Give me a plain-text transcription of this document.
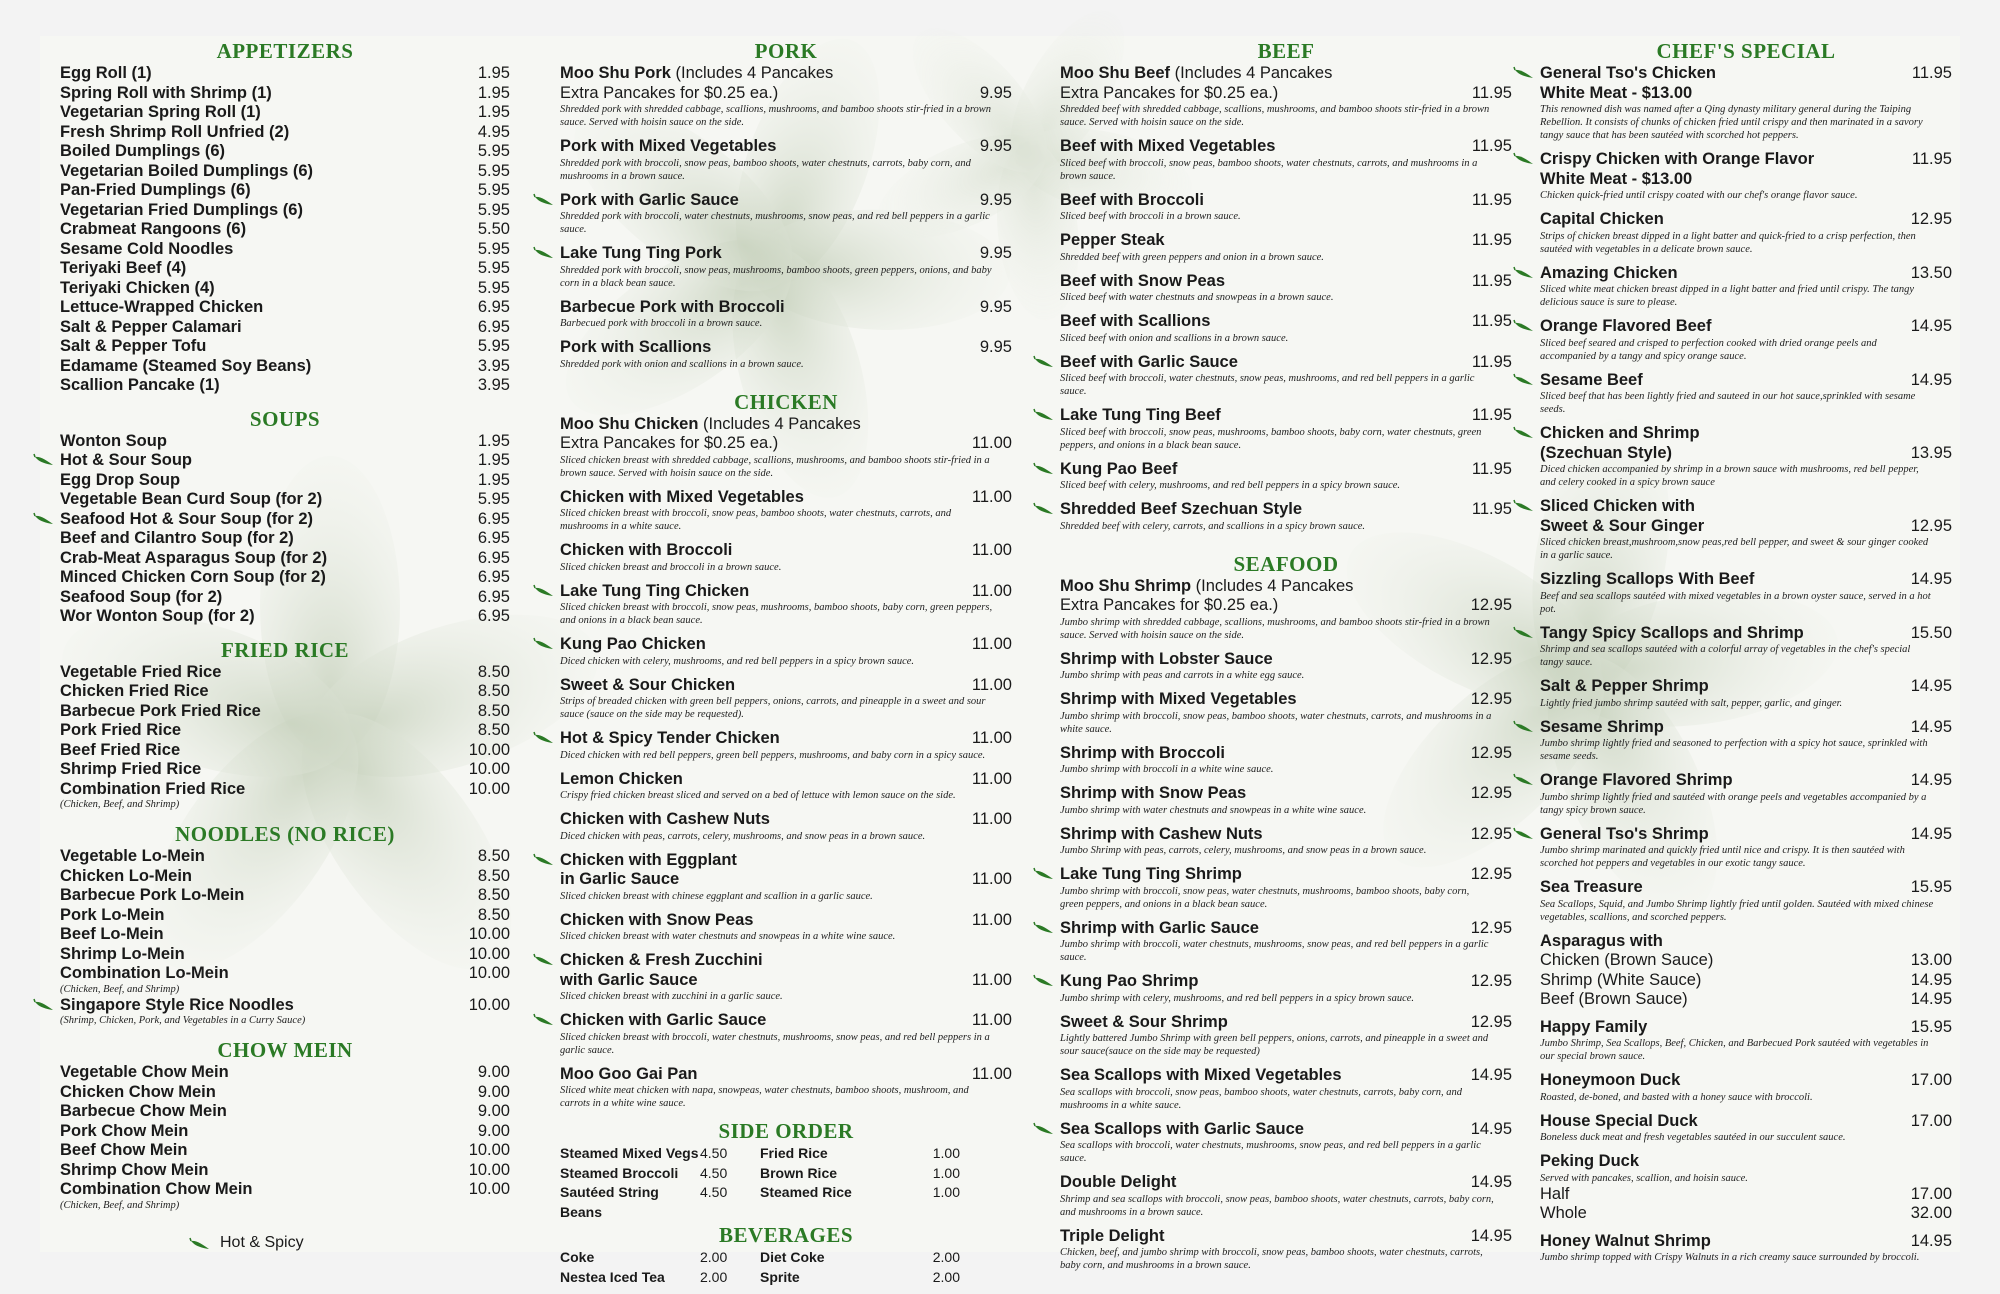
APPETIZERS
Egg Roll (1)	1.95
Spring Roll with Shrimp (1)	1.95
Vegetarian Spring Roll (1)	1.95
Fresh Shrimp Roll Unfried (2)	4.95
Boiled Dumplings (6)	5.95
Vegetarian Boiled Dumplings (6)	5.95
Pan-Fried Dumplings (6)	5.95
Vegetarian Fried Dumplings (6)	5.95
Crabmeat Rangoons (6)	5.50
Sesame Cold Noodles	5.95
Teriyaki Beef (4)	5.95
Teriyaki Chicken (4)	5.95
Lettuce-Wrapped Chicken	6.95
Salt & Pepper Calamari	6.95
Salt & Pepper Tofu	5.95
Edamame (Steamed Soy Beans)	3.95
Scallion Pancake (1)	3.95
SOUPS
Wonton Soup	1.95
Hot & Sour Soup	1.95
Egg Drop Soup	1.95
Vegetable Bean Curd Soup (for 2)	5.95
Seafood Hot & Sour Soup (for 2)	6.95
Beef and Cilantro Soup (for 2)	6.95
Crab-Meat Asparagus Soup (for 2)	6.95
Minced Chicken Corn Soup (for 2)	6.95
Seafood Soup (for 2)	6.95
Wor Wonton Soup (for 2)	6.95
FRIED RICE
Vegetable Fried Rice	8.50
Chicken Fried Rice	8.50
Barbecue Pork Fried Rice	8.50
Pork Fried Rice	8.50
Beef Fried Rice	10.00
Shrimp Fried Rice	10.00
Combination Fried Rice	10.00
(Chicken, Beef, and Shrimp)
NOODLES (NO RICE)
Vegetable Lo-Mein	8.50
Chicken Lo-Mein	8.50
Barbecue Pork Lo-Mein	8.50
Pork Lo-Mein	8.50
Beef Lo-Mein	10.00
Shrimp Lo-Mein	10.00
Combination Lo-Mein	10.00
(Chicken, Beef, and Shrimp)
Singapore Style Rice Noodles	10.00
(Shrimp, Chicken, Pork, and Vegetables in a Curry Sauce)
CHOW MEIN
Vegetable Chow Mein	9.00
Chicken Chow Mein	9.00
Barbecue Chow Mein	9.00
Pork Chow Mein	9.00
Beef Chow Mein	10.00
Shrimp Chow Mein	10.00
Combination Chow Mein	10.00
(Chicken, Beef, and Shrimp)
Hot & Spicy
PORK
Moo Shu Pork (Includes 4 Pancakes
Extra Pancakes for $0.25 ea.)	9.95
Shredded pork with shredded cabbage, scallions, mushrooms, and bamboo shoots stir-fried in a brown sauce. Served with hoisin sauce on the side.
Pork with Mixed Vegetables	9.95
Shredded pork with broccoli, snow peas, bamboo shoots, water chestnuts, carrots, baby corn, and mushrooms in a brown sauce.
Pork with Garlic Sauce	9.95
Shredded pork with broccoli, water chestnuts, mushrooms, snow peas, and red bell peppers in a garlic sauce.
Lake Tung Ting Pork	9.95
Shredded pork with broccoli, snow peas, mushrooms, bamboo shoots, green peppers, onions, and baby corn in a black bean sauce.
Barbecue Pork with Broccoli	9.95
Barbecued pork with broccoli in a brown sauce.
Pork with Scallions	9.95
Shredded pork with onion and scallions in a brown sauce.
CHICKEN
Moo Shu Chicken (Includes 4 Pancakes
Extra Pancakes for $0.25 ea.)	11.00
Sliced chicken breast with shredded cabbage, scallions, mushrooms, and bamboo shoots stir-fried in a brown sauce. Served with hoisin sauce on the side.
Chicken with Mixed Vegetables	11.00
Sliced chicken breast with broccoli, snow peas, bamboo shoots, water chestnuts, carrots, and mushrooms in a white sauce.
Chicken with Broccoli	11.00
Sliced chicken breast and broccoli in a brown sauce.
Lake Tung Ting Chicken	11.00
Sliced chicken breast with broccoli, snow peas, mushrooms, bamboo shoots, baby corn, green peppers, and onions in a black bean sauce.
Kung Pao Chicken	11.00
Diced chicken with celery, mushrooms, and red bell peppers in a spicy brown sauce.
Sweet & Sour Chicken	11.00
Strips of breaded chicken with green bell peppers, onions, carrots, and pineapple in a sweet and sour sauce (sauce on the side may be requested).
Hot & Spicy Tender Chicken	11.00
Diced chicken with red bell peppers, green bell peppers, mushrooms, and baby corn in a spicy sauce.
Lemon Chicken	11.00
Crispy fried chicken breast sliced and served on a bed of lettuce with lemon sauce on the side.
Chicken with Cashew Nuts	11.00
Diced chicken with peas, carrots, celery, mushrooms, and snow peas in a brown sauce.
Chicken with Eggplant
in Garlic Sauce	11.00
Sliced chicken breast with chinese eggplant and scallion in a garlic sauce.
Chicken with Snow Peas	11.00
Sliced chicken breast with water chestnuts and snowpeas in a white wine sauce.
Chicken & Fresh Zucchini
with Garlic Sauce	11.00
Sliced chicken breast with zucchini in a garlic sauce.
Chicken with Garlic Sauce	11.00
Sliced chicken breast with broccoli, water chestnuts, mushrooms, snow peas, and red bell peppers in a garlic sauce.
Moo Goo Gai Pan	11.00
Sliced white meat chicken with napa, snowpeas, water chestnuts, bamboo shoots, mushroom, and carrots in a white wine sauce.
SIDE ORDER
Steamed Mixed Vegs 4.50	Fried Rice	1.00
Steamed Broccoli	4.50	Brown Rice	1.00
Sautéed String Beans
4.50	Steamed Rice	1.00
BEVERAGES
Coke	2.00	Diet Coke	2.00
Nestea Iced Tea	2.00	Sprite	2.00
BEEF
Moo Shu Beef (Includes 4 Pancakes
Extra Pancakes for $0.25 ea.)	11.95
Shredded beef with shredded cabbage, scallions, mushrooms, and bamboo shoots stir-fried in a brown sauce. Served with hoisin sauce on the side.
Beef with Mixed Vegetables	11.95
Sliced beef with broccoli, snow peas, bamboo shoots, water chestnuts, carrots, and mushrooms in a brown sauce.
Beef with Broccoli	11.95
Sliced beef with broccoli in a brown sauce.
Pepper Steak	11.95
Shredded beef with green peppers and onion in a brown sauce.
Beef with Snow Peas	11.95
Sliced beef with water chestnuts and snowpeas in a brown sauce.
Beef with Scallions	11.95
Sliced beef with onion and scallions in a brown sauce.
Beef with Garlic Sauce	11.95
Sliced beef with broccoli, water chestnuts, snow peas, mushrooms, and red bell peppers in a garlic sauce.
Lake Tung Ting Beef	11.95
Sliced beef with broccoli, snow peas, mushrooms, bamboo shoots, baby corn, water chestnuts, green peppers, and onions in a black bean sauce.
Kung Pao Beef	11.95
Sliced beef with celery, mushrooms, and red bell peppers in a spicy brown sauce.
Shredded Beef Szechuan Style	11.95
Shredded beef with celery, carrots, and scallions in a spicy brown sauce.
SEAFOOD
Moo Shu Shrimp (Includes 4 Pancakes
Extra Pancakes for $0.25 ea.)	12.95
Jumbo shrimp with shredded cabbage, scallions, mushrooms, and bamboo shoots stir-fried in a brown sauce. Served with hoisin sauce on the side.
Shrimp with Lobster Sauce	12.95
Jumbo shrimp with peas and carrots in a white egg sauce.
Shrimp with Mixed Vegetables	12.95
Jumbo shrimp with broccoli, snow peas, bamboo shoots, water chestnuts, carrots, and mushrooms in a white sauce.
Shrimp with Broccoli	12.95
Jumbo shrimp with broccoli in a white wine sauce.
Shrimp with Snow Peas	12.95
Jumbo shrimp with water chestnuts and snowpeas in a white wine sauce.
Shrimp with Cashew Nuts	12.95
Jumbo Shrimp with peas, carrots, celery, mushrooms, and snow peas in a brown sauce.
Lake Tung Ting Shrimp	12.95
Jumbo shrimp with broccoli, snow peas, water chestnuts, mushrooms, bamboo shoots, baby corn, green peppers, and onions in a black bean sauce.
Shrimp with Garlic Sauce	12.95
Jumbo shrimp with broccoli, water chestnuts, mushrooms, snow peas, and red bell peppers in a garlic sauce.
Kung Pao Shrimp	12.95
Jumbo shrimp with celery, mushrooms, and red bell peppers in a spicy brown sauce.
Sweet & Sour Shrimp	12.95
Lightly battered Jumbo Shrimp with green bell peppers, onions, carrots, and pineapple in a sweet and sour sauce(sauce on the side may be requested)
Sea Scallops with Mixed Vegetables	14.95
Sea scallops with broccoli, snow peas, bamboo shoots, water chestnuts, carrots, baby corn, and mushrooms in a white sauce.
Sea Scallops with Garlic Sauce	14.95
Sea scallops with broccoli, water chestnuts, mushrooms, snow peas, and red bell peppers in a garlic sauce.
Double Delight	14.95
Shrimp and sea scallops with broccoli, snow peas, bamboo shoots, water chestnuts, carrots, baby corn, and mushrooms in a brown sauce.
Triple Delight	14.95
Chicken, beef, and jumbo shrimp with broccoli, snow peas, bamboo shoots, water chestnuts, carrots, baby corn, and mushrooms in a brown sauce.
CHEF'S SPECIAL
General Tso's Chicken	11.95
White Meat - $13.00
This renowned dish was named after a Qing dynasty military general during the Taiping Rebellion. It consists of chunks of chicken fried until crispy and then marinated in a savory tangy sauce that has been sautéed with scorched hot peppers.
Crispy Chicken with Orange Flavor	11.95
White Meat - $13.00
Chicken quick-fried until crispy coated with our chef's orange flavor sauce.
Capital Chicken	12.95
Strips of chicken breast dipped in a light batter and quick-fried to a crisp perfection, then sautéed with vegetables in a delicate brown sauce.
Amazing Chicken	13.50
Sliced white meat chicken breast dipped in a light batter and fried until crispy. The tangy delicious sauce is sure to please.
Orange Flavored Beef	14.95
Sliced beef seared and crisped to perfection cooked with dried orange peels and accompanied by a tangy and spicy orange sauce.
Sesame Beef	14.95
Sliced beef that has been lightly fried and sauteed in our hot sauce,sprinkled with sesame seeds.
Chicken and Shrimp
(Szechuan Style)	13.95
Diced chicken accompanied by shrimp in a brown sauce with mushrooms, red bell pepper, and celery cooked in a spicy brown sauce
Sliced Chicken with
Sweet & Sour Ginger	12.95
Sliced chicken breast,mushroom,snow peas,red bell pepper, and sweet & sour ginger cooked in a garlic sauce.
Sizzling Scallops With Beef	14.95
Beef and sea scallops sautéed with mixed vegetables in a brown oyster sauce, served in a hot pot.
Tangy Spicy Scallops and Shrimp	15.50
Shrimp and sea scallops sautéed with a colorful array of vegetables in the chef's special tangy sauce.
Salt & Pepper Shrimp	14.95
Lightly fried jumbo shrimp sautéed with salt, pepper, garlic, and ginger.
Sesame Shrimp	14.95
Jumbo shrimp lightly fried and seasoned to perfection with a spicy hot sauce, sprinkled with sesame seeds.
Orange Flavored Shrimp	14.95
Jumbo shrimp lightly fried and sautéed with orange peels and vegetables accompanied by a tangy spicy brown sauce.
General Tso's Shrimp	14.95
Jumbo shrimp marinated and quickly fried until nice and crispy. It is then sautéed with scorched hot peppers and vegetables in our exotic tangy sauce.
Sea Treasure	15.95
Sea Scallops, Squid, and Jumbo Shrimp lightly fried until golden. Sautéed with mixed chinese vegetables, scallions, and scorched peppers.
Asparagus with
Chicken (Brown Sauce)	13.00
Shrimp (White Sauce)	14.95
Beef (Brown Sauce)	14.95
Happy Family	15.95
Jumbo Shrimp, Sea Scallops, Beef, Chicken, and Barbecued Pork sautéed with vegetables in our special brown sauce.
Honeymoon Duck	17.00
Roasted, de-boned, and basted with a honey sauce with broccoli.
House Special Duck	17.00
Boneless duck meat and fresh vegetables sautéed in our succulent sauce.
Peking Duck
Served with pancakes, scallion, and hoisin sauce.
Half	17.00
Whole	32.00
Honey Walnut Shrimp	14.95
Jumbo shrimp topped with Crispy Walnuts in a rich creamy sauce surrounded by broccoli.
